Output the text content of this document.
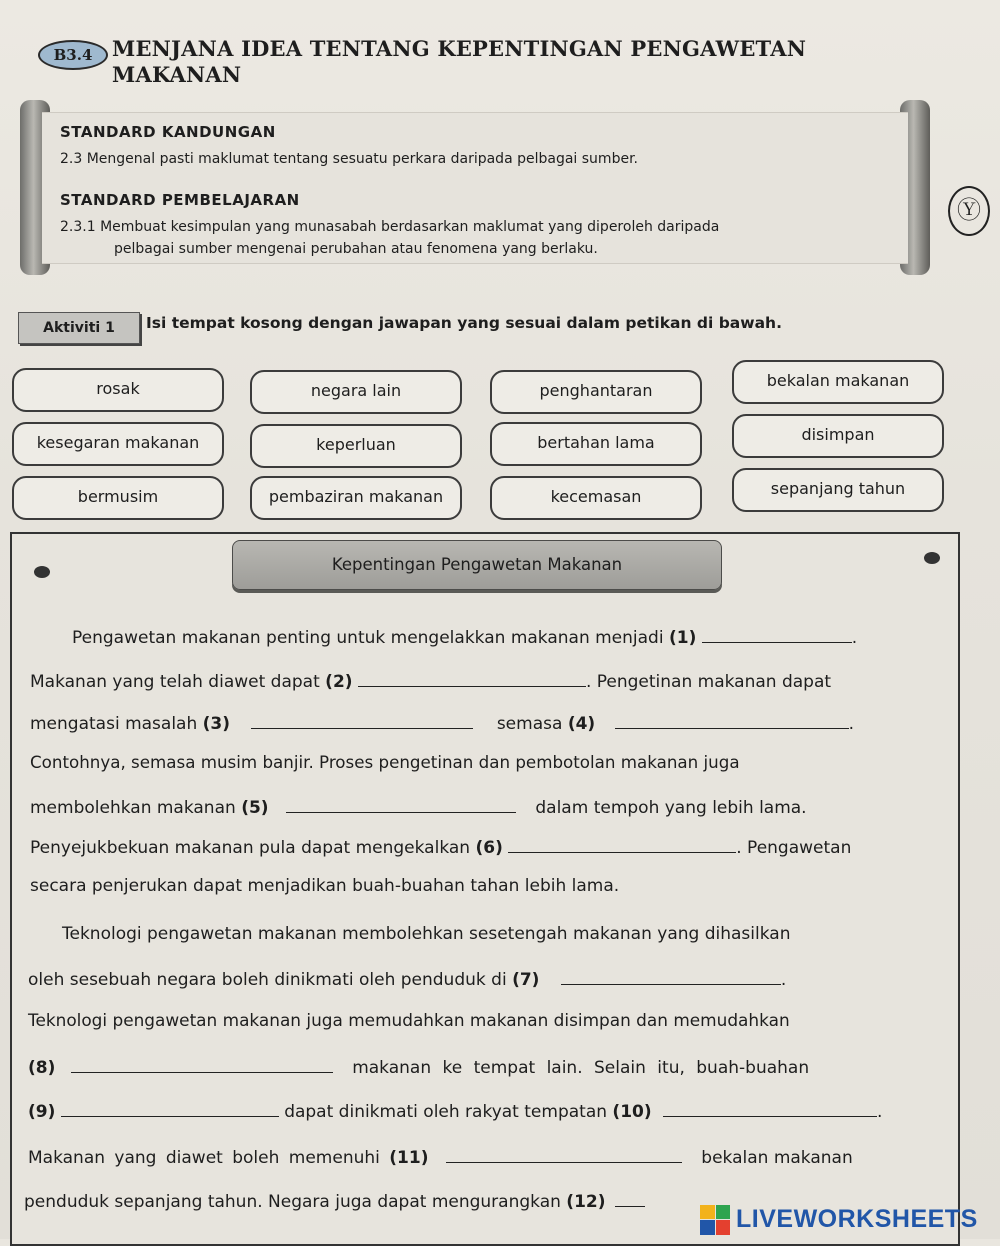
B3.4 MENJANA IDEA TENTANG KEPENTINGAN PENGAWETAN MAKANAN
STANDARD KANDUNGAN
2.3 Mengenal pasti maklumat tentang sesuatu perkara daripada pelbagai sumber.
STANDARD PEMBELAJARAN
2.3.1 Membuat kesimpulan yang munasabah berdasarkan maklumat yang diperoleh daripada
pelbagai sumber mengenai perubahan atau fenomena yang berlaku.
Ⓨ
Aktiviti 1	Isi tempat kosong dengan jawapan yang sesuai dalam petikan di bawah.
rosak	negara lain	penghantaran
bekalan makanan
kesegaran makanan	keperluan	bertahan lama	disimpan
bermusim	pembaziran makanan	kecemasan	sepanjang tahun
Kepentingan Pengawetan Makanan
Pengawetan makanan penting untuk mengelakkan makanan menjadi (1)	.
Makanan yang telah diawet dapat (2)	. Pengetinan makanan dapat
mengatasi masalah (3)	semasa (4)	.
Contohnya, semasa musim banjir. Proses pengetinan dan pembotolan makanan juga
membolehkan makanan (5)	dalam tempoh yang lebih lama.
Penyejukbekuan makanan pula dapat mengekalkan (6)	. Pengawetan
secara penjerukan dapat menjadikan buah-buahan tahan lebih lama.
Teknologi pengawetan makanan membolehkan sesetengah makanan yang dihasilkan
oleh sesebuah negara boleh dinikmati oleh penduduk di (7)	.
Teknologi pengawetan makanan juga memudahkan makanan disimpan dan memudahkan
(8)	makanan ke tempat lain. Selain itu, buah-buahan
(9)	dapat dinikmati oleh rakyat tempatan (10)	.
Makanan yang diawet boleh memenuhi (11)	bekalan makanan
penduduk sepanjang tahun. Negara juga dapat mengurangkan (12)
LIVEWORKSHEETS
